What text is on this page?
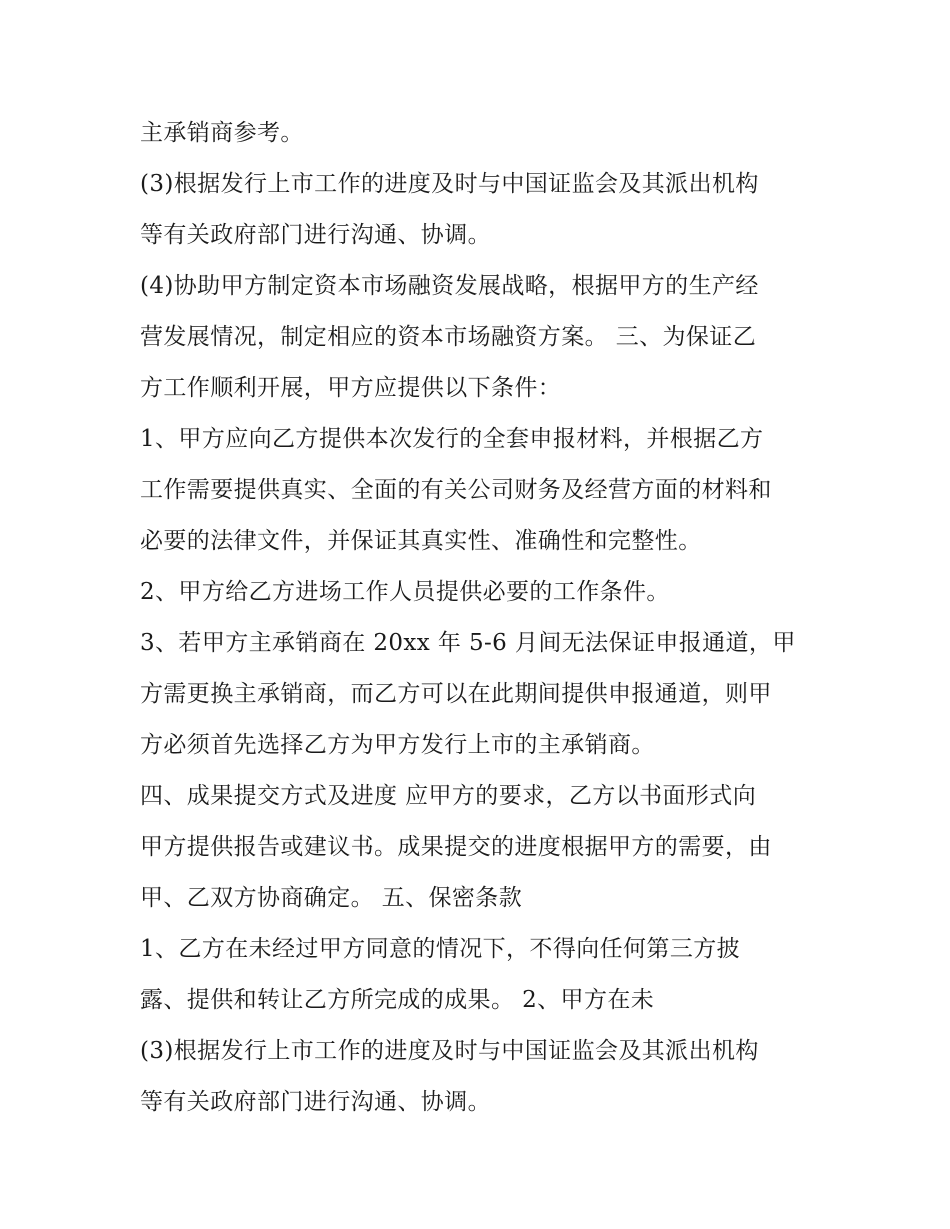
主承销商参考。
(3)根据发行上市工作的进度及时与中国证监会及其派出机构
等有关政府部门进行沟通、协调。
(4)协助甲方制定资本市场融资发展战略，根据甲方的生产经
营发展情况，制定相应的资本市场融资方案。 三、为保证乙
方工作顺利开展，甲方应提供以下条件：
1、甲方应向乙方提供本次发行的全套申报材料，并根据乙方
工作需要提供真实、全面的有关公司财务及经营方面的材料和
必要的法律文件，并保证其真实性、准确性和完整性。
2、甲方给乙方进场工作人员提供必要的工作条件。
3、若甲方主承销商在 20xx 年 5-6 月间无法保证申报通道，甲
方需更换主承销商，而乙方可以在此期间提供申报通道，则甲
方必须首先选择乙方为甲方发行上市的主承销商。
四、成果提交方式及进度 应甲方的要求，乙方以书面形式向
甲方提供报告或建议书。成果提交的进度根据甲方的需要，由
甲、乙双方协商确定。 五、保密条款
1、乙方在未经过甲方同意的情况下，不得向任何第三方披
露、提供和转让乙方所完成的成果。 2、甲方在未
(3)根据发行上市工作的进度及时与中国证监会及其派出机构
等有关政府部门进行沟通、协调。
